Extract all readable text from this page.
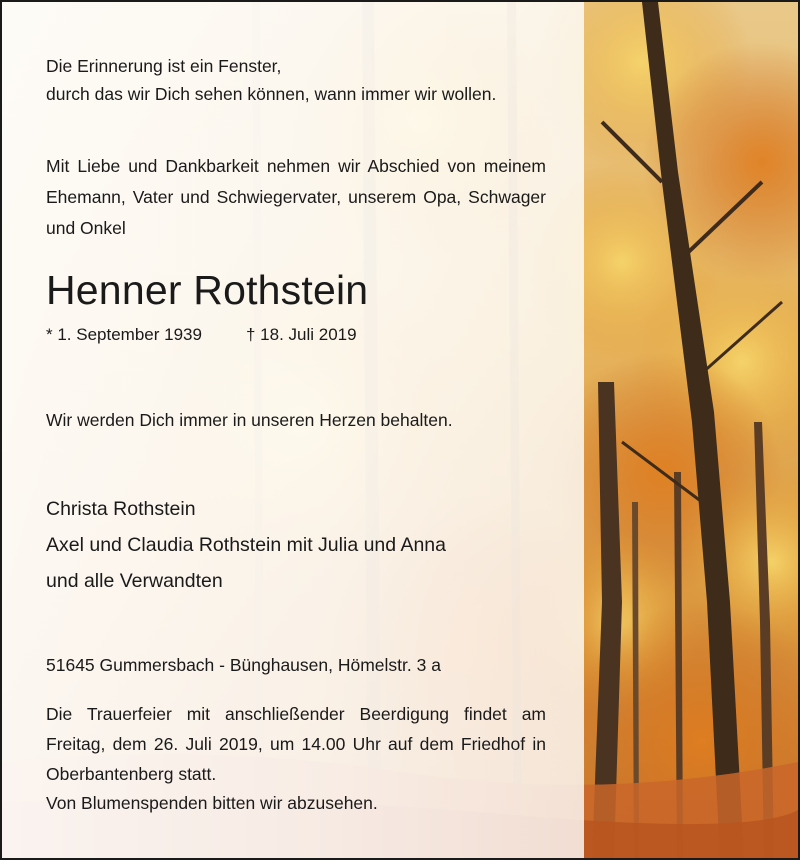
Die Erinnerung ist ein Fenster,
durch das wir Dich sehen können, wann immer wir wollen.
Mit Liebe und Dankbarkeit nehmen wir Abschied von meinem Ehemann, Vater und Schwiegervater, unserem Opa, Schwager und Onkel
Henner Rothstein
* 1. September 1939	† 18. Juli 2019
Wir werden Dich immer in unseren Herzen behalten.
Christa Rothstein
Axel und Claudia Rothstein mit Julia und Anna
und alle Verwandten
51645 Gummersbach - Bünghausen, Hömelstr. 3 a
Die Trauerfeier mit anschließender Beerdigung findet am Freitag, dem 26. Juli 2019, um 14.00 Uhr auf dem Friedhof in Oberbantenberg statt.
Von Blumenspenden bitten wir abzusehen.
